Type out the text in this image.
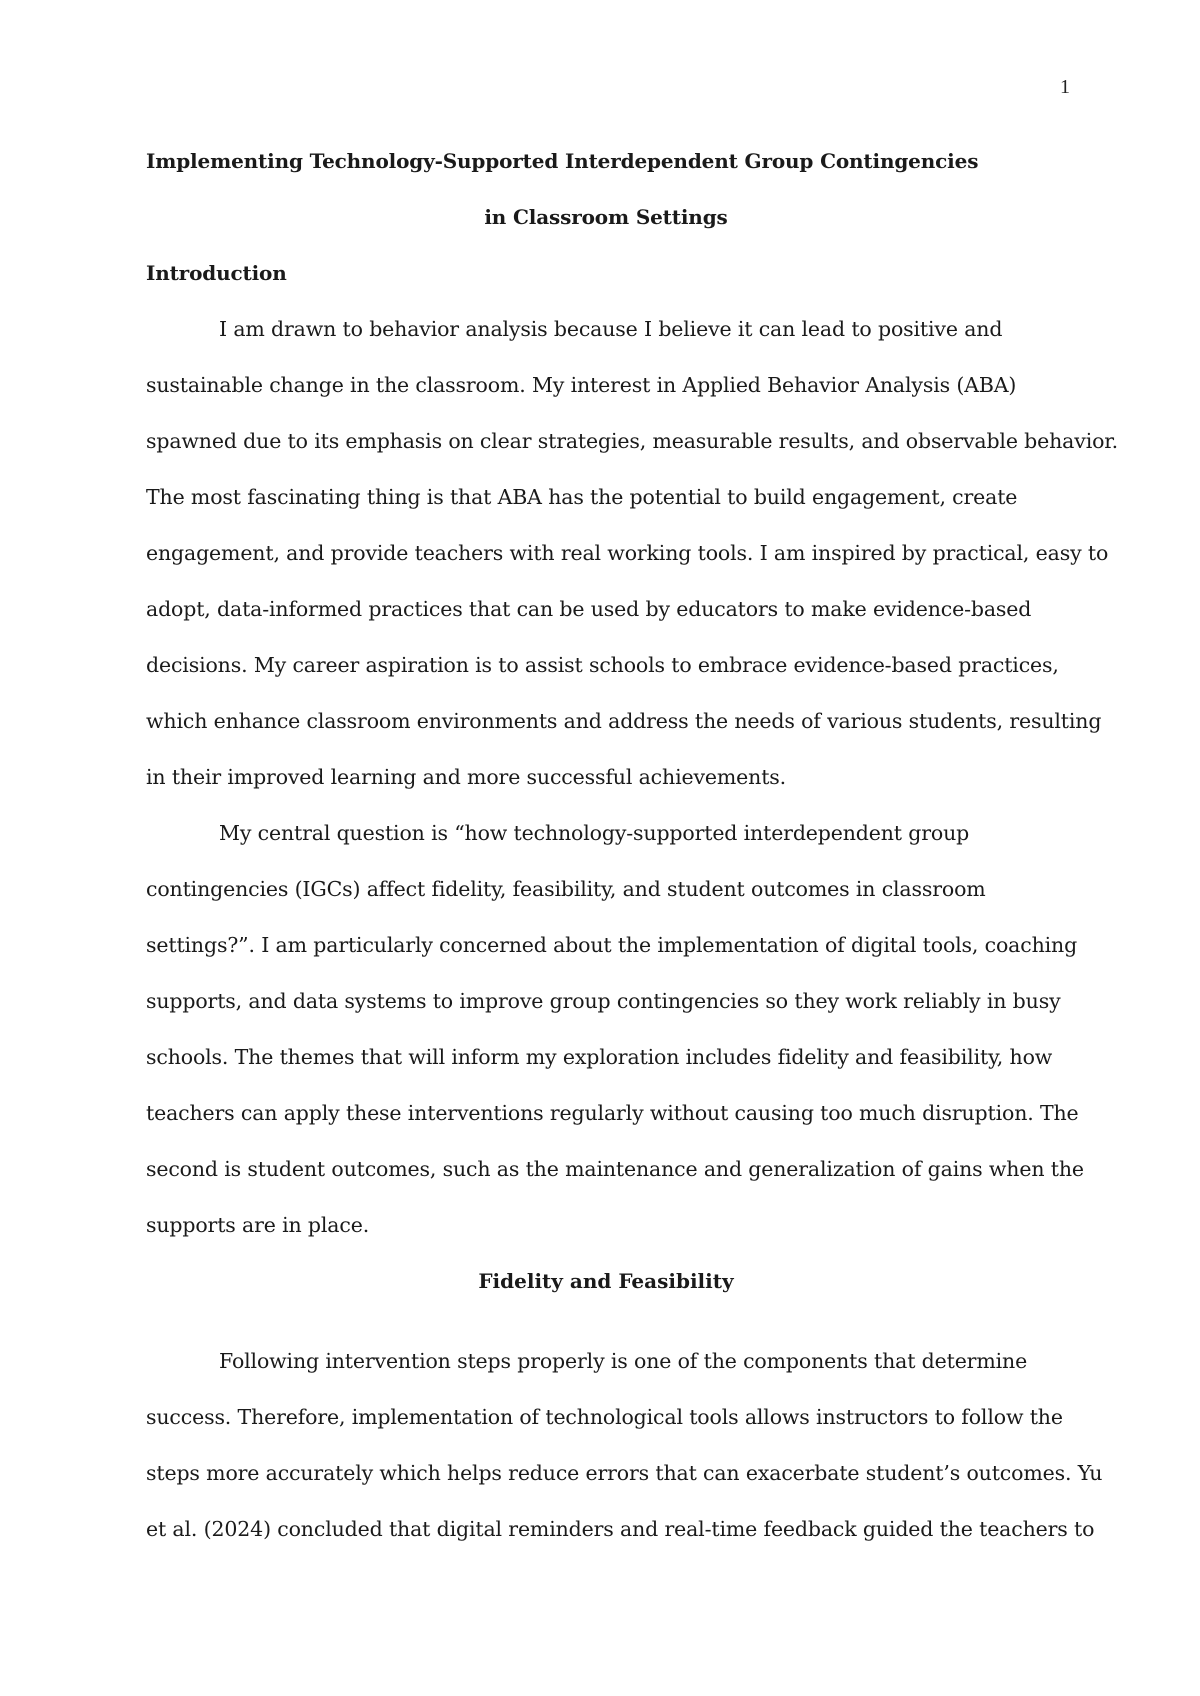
1
Implementing Technology-Supported Interdependent Group Contingencies
in Classroom Settings
Introduction
I am drawn to behavior analysis because I believe it can lead to positive and
sustainable change in the classroom. My interest in Applied Behavior Analysis (ABA)
spawned due to its emphasis on clear strategies, measurable results, and observable behavior.
The most fascinating thing is that ABA has the potential to build engagement, create
engagement, and provide teachers with real working tools. I am inspired by practical, easy to
adopt, data-informed practices that can be used by educators to make evidence-based
decisions. My career aspiration is to assist schools to embrace evidence-based practices,
which enhance classroom environments and address the needs of various students, resulting
in their improved learning and more successful achievements.
My central question is “how technology-supported interdependent group
contingencies (IGCs) affect fidelity, feasibility, and student outcomes in classroom
settings?”. I am particularly concerned about the implementation of digital tools, coaching
supports, and data systems to improve group contingencies so they work reliably in busy
schools. The themes that will inform my exploration includes fidelity and feasibility, how
teachers can apply these interventions regularly without causing too much disruption. The
second is student outcomes, such as the maintenance and generalization of gains when the
supports are in place.
Fidelity and Feasibility
Following intervention steps properly is one of the components that determine
success. Therefore, implementation of technological tools allows instructors to follow the
steps more accurately which helps reduce errors that can exacerbate student’s outcomes. Yu
et al. (2024) concluded that digital reminders and real-time feedback guided the teachers to
